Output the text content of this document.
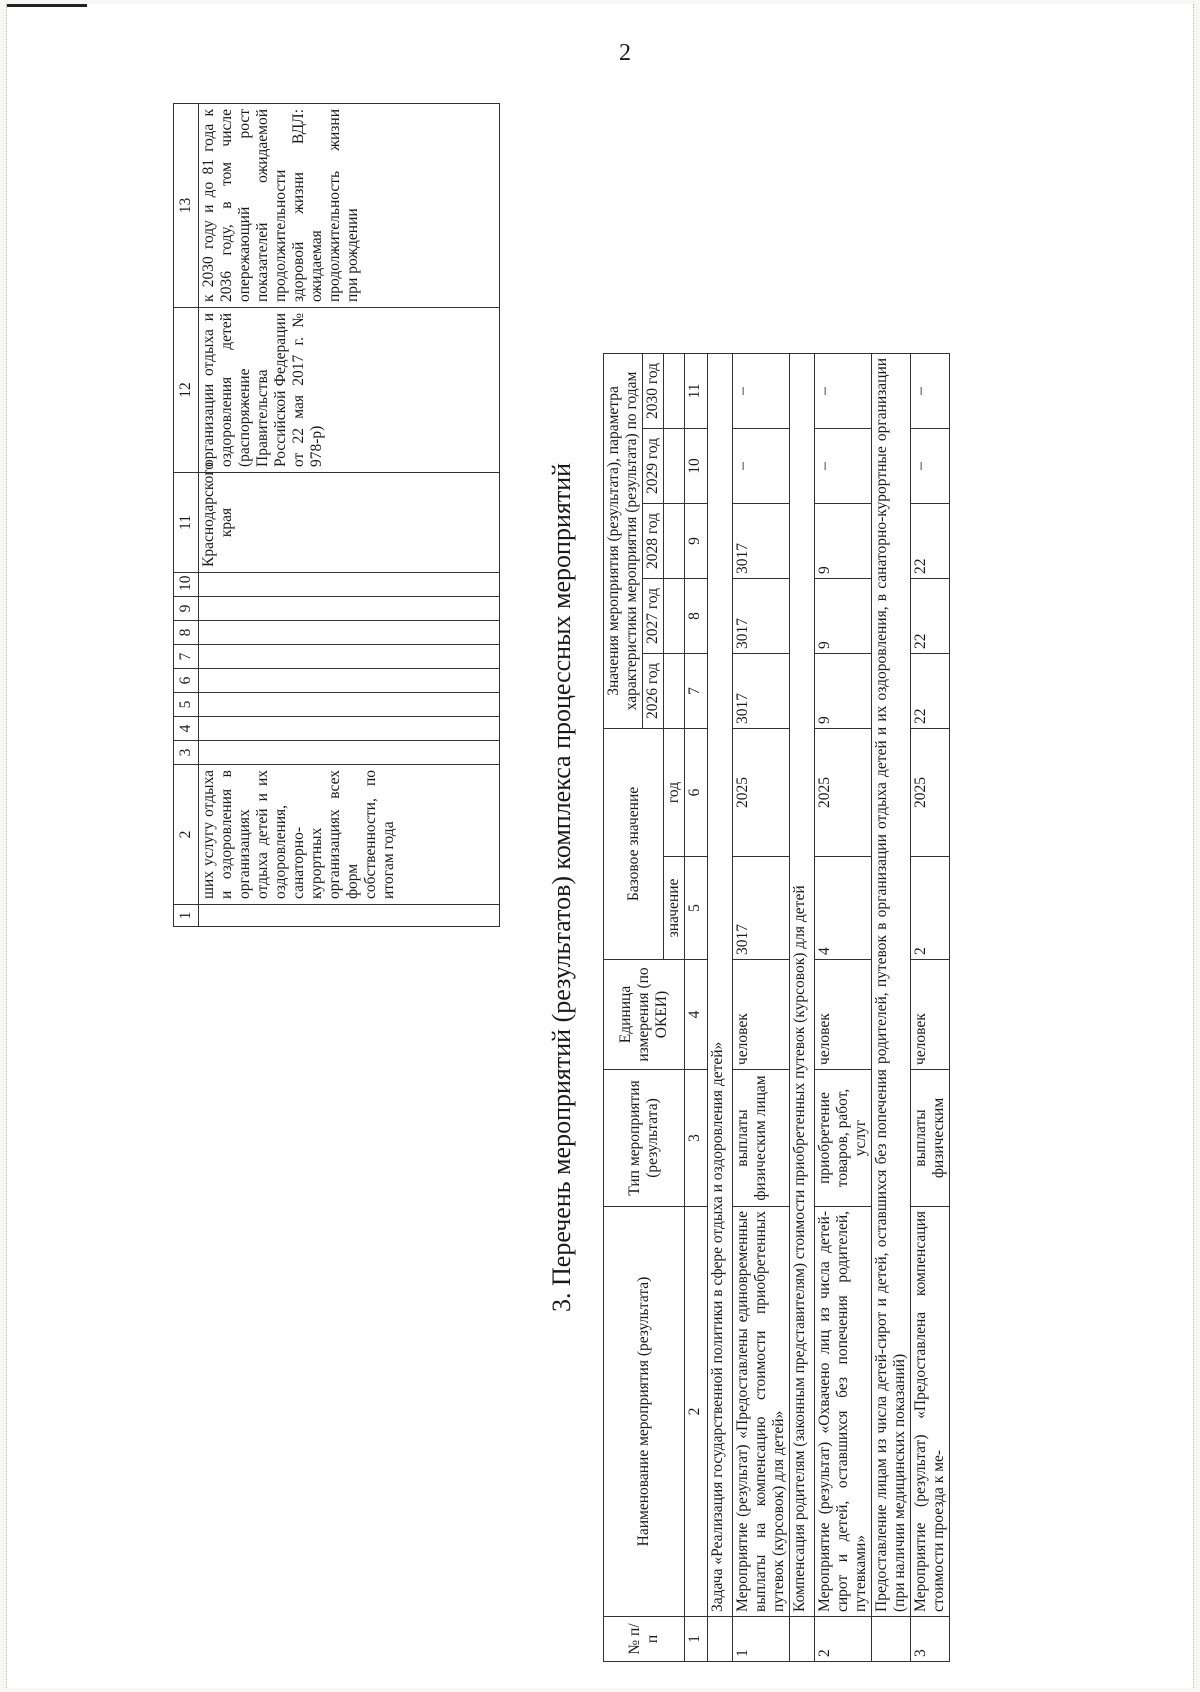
2
1	2	3	4	5	6	7	8	9	10	11	12	13
	ших услугу отдыха и оздоровления в организациях отдыха детей и их оздоровления, санаторно-курортных организациях всех форм собственности, по итогам года									Краснодарского края	организации отдыха и оздоровления детей (распоряжение Правительства Российской Федерации от 22 мая 2017 г. № 978-р)	к 2030 году и до 81 года к 2036 году, в том числе опережающий рост показателей ожидаемой продолжительности здоровой жизни ВДЛ: ожидаемая продолжительность жизни при рождении
3. Перечень мероприятий (результатов) комплекса процессных мероприятий
№ п/п	Наименование мероприятия (результата)	Тип мероприятия (результата)	Единица измерения (по ОКЕИ)	Базовое значение		Значения мероприятия (результата), параметра характеристики мероприятия (результата) по годам				
						2026 год	2027 год	2028 год	2029 год	2030 год
				значение	год					
1	2	3	4	5	6	7	8	9	10	11
	Задача «Реализация государственной политики в сфере отдыха и оздоровления детей»									
1	Мероприятие (результат) «Предоставлены единовременные выплаты на компенсацию стоимости приобретенных путевок (курсовок) для детей»	выплаты физическим лицам	человек	3017	2025	3017	3017	3017	–	–
	Компенсация родителям (законным представителям) стоимости приобретенных путевок (курсовок) для детей									
2	Мероприятие (результат) «Охвачено лиц из числа детей-сирот и детей, оставшихся без попечения родителей, путевками»	приобретение товаров, работ, услуг	человек	4	2025	9	9	9	–	–
	Предоставление лицам из числа детей-сирот и детей, оставшихся без попечения родителей, путевок в организации отдыха детей и их оздоровления, в санаторно-курортные организации (при наличии медицинских показаний)									
3	Мероприятие (результат) «Предоставлена компенсация стоимости проезда к ме-	выплаты физическим	человек	2	2025	22	22	22	–	–
